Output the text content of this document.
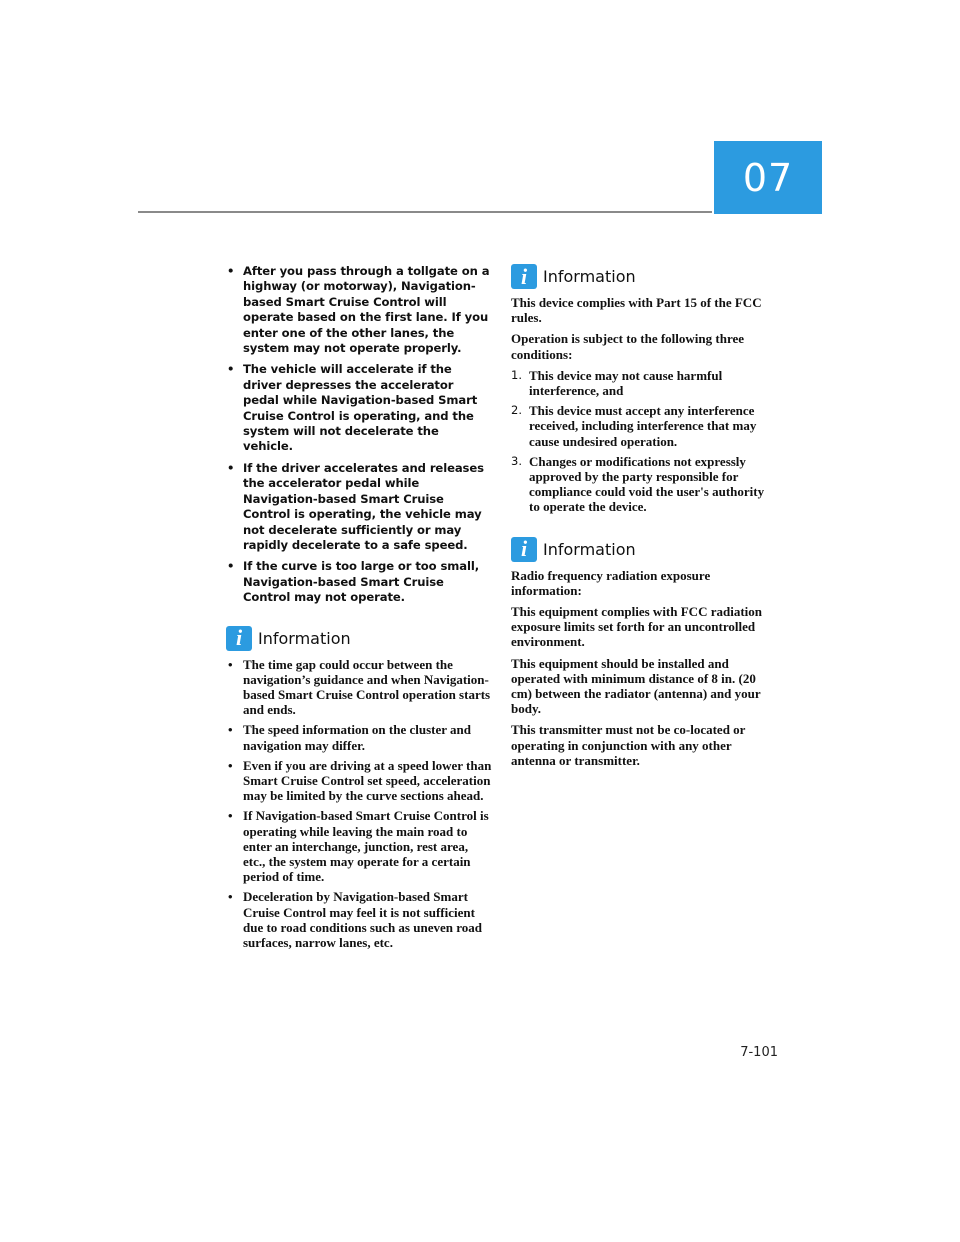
07
• After you pass through a tollgate on a highway (or motorway), Navigation-based Smart Cruise Control will operate based on the first lane. If you enter one of the other lanes, the system may not operate properly.
• The vehicle will accelerate if the driver depresses the accelerator pedal while Navigation-based Smart Cruise Control is operating, and the system will not decelerate the vehicle.
• If the driver accelerates and releases the accelerator pedal while Navigation-based Smart Cruise Control is operating, the vehicle may not decelerate sufficiently or may rapidly decelerate to a safe speed.
• If the curve is too large or too small, Navigation-based Smart Cruise Control may not operate.
i Information
• The time gap could occur between the navigation’s guidance and when Navigation-based Smart Cruise Control operation starts and ends.
• The speed information on the cluster and navigation may differ.
• Even if you are driving at a speed lower than Smart Cruise Control set speed, acceleration may be limited by the curve sections ahead.
• If Navigation-based Smart Cruise Control is operating while leaving the main road to enter an interchange, junction, rest area, etc., the system may operate for a certain period of time.
• Deceleration by Navigation-based Smart Cruise Control may feel it is not sufficient due to road conditions such as uneven road surfaces, narrow lanes, etc.
i Information

This device complies with Part 15 of the FCC rules.

Operation is subject to the following three conditions:

1. This device may not cause harmful interference, and
2. This device must accept any interference received, including interference that may cause undesired operation.
3. Changes or modifications not expressly approved by the party responsible for compliance could void the user's authority to operate the device.
i Information

Radio frequency radiation exposure information:

This equipment complies with FCC radiation exposure limits set forth for an uncontrolled environment.

This equipment should be installed and operated with minimum distance of 8 in. (20 cm) between the radiator (antenna) and your body.

This transmitter must not be co-located or operating in conjunction with any other antenna or transmitter.

7-101
